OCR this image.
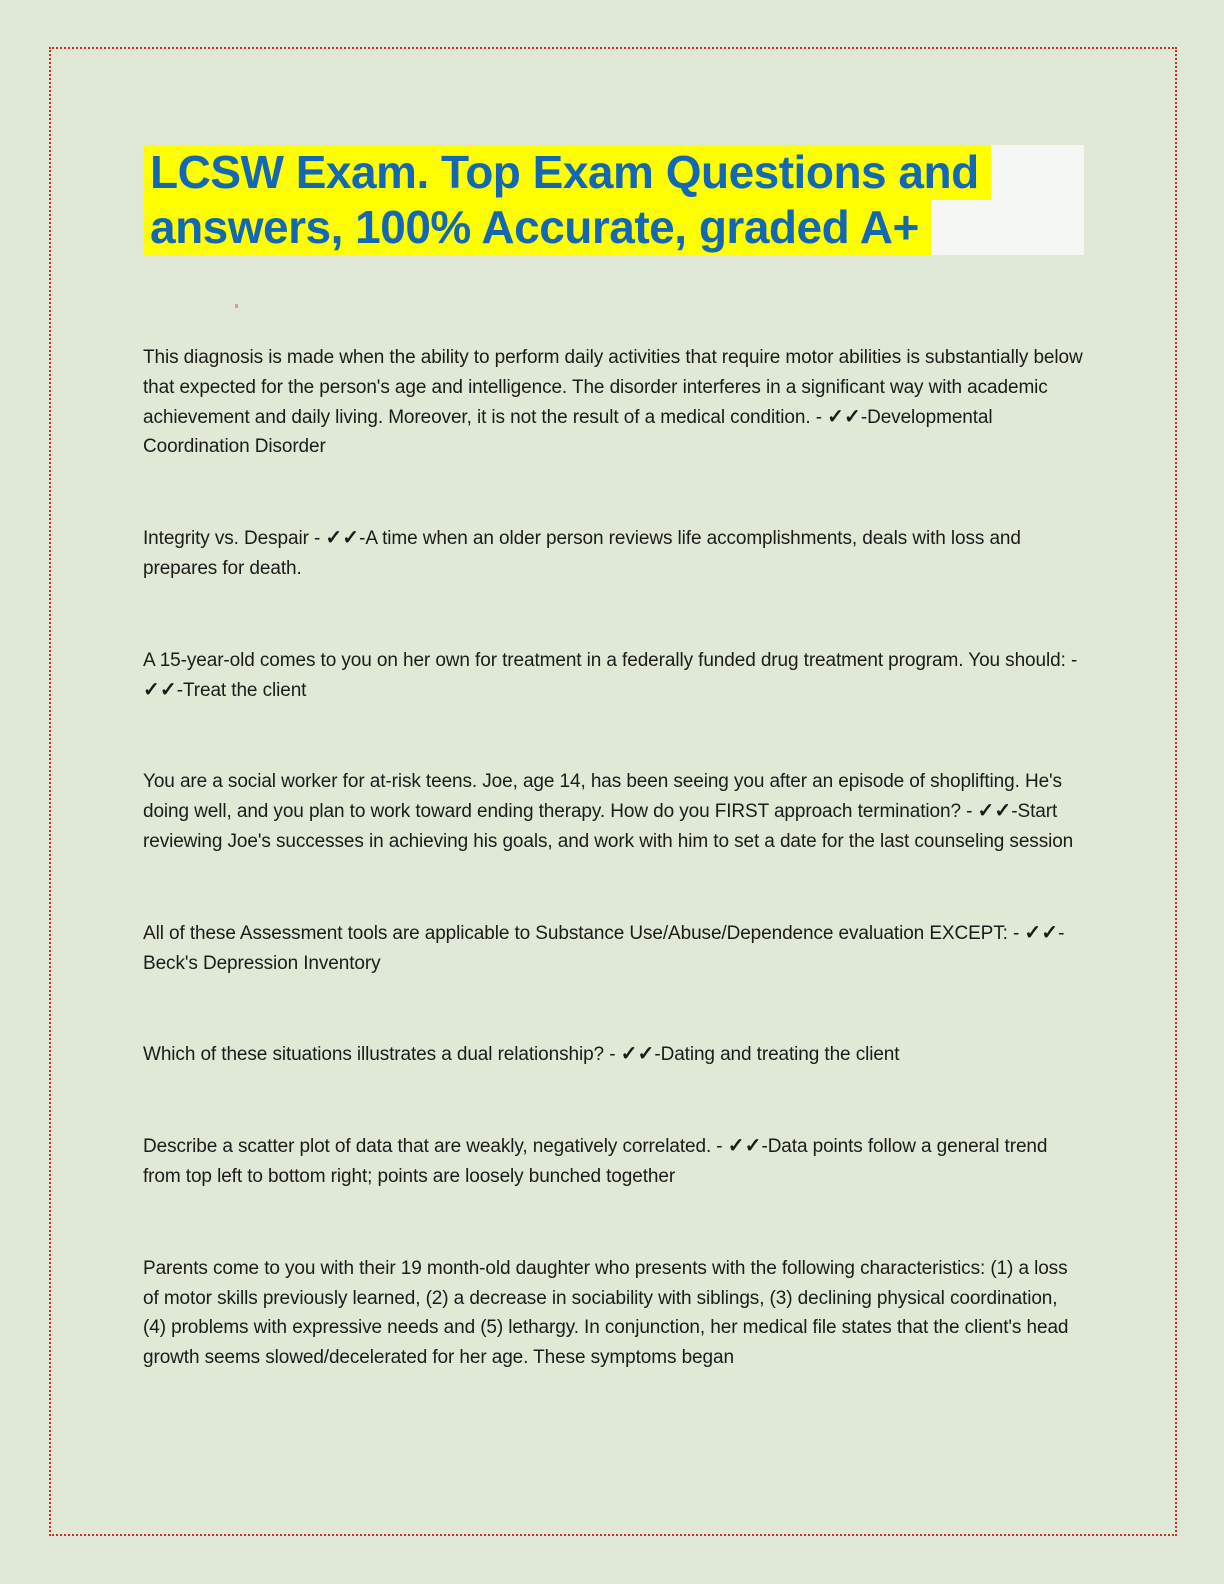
LCSW Exam. Top Exam Questions and
answers, 100% Accurate, graded A+

This diagnosis is made when the ability to perform daily activities that require motor abilities is substantially below that expected for the person's age and intelligence. The disorder interferes in a significant way with academic achievement and daily living. Moreover, it is not the result of a medical condition. - ✓✓-Developmental Coordination Disorder

Integrity vs. Despair - ✓✓-A time when an older person reviews life accomplishments, deals with loss and prepares for death.

A 15-year-old comes to you on her own for treatment in a federally funded drug treatment program. You should: - ✓✓-Treat the client

You are a social worker for at-risk teens. Joe, age 14, has been seeing you after an episode of shoplifting. He's doing well, and you plan to work toward ending therapy. How do you FIRST approach termination? - ✓✓-Start reviewing Joe's successes in achieving his goals, and work with him to set a date for the last counseling session

All of these Assessment tools are applicable to Substance Use/Abuse/Dependence evaluation EXCEPT: - ✓✓-Beck's Depression Inventory

Which of these situations illustrates a dual relationship? - ✓✓-Dating and treating the client

Describe a scatter plot of data that are weakly, negatively correlated. - ✓✓-Data points follow a general trend from top left to bottom right; points are loosely bunched together

Parents come to you with their 19 month-old daughter who presents with the following characteristics: (1) a loss of motor skills previously learned, (2) a decrease in sociability with siblings, (3) declining physical coordination, (4) problems with expressive needs and (5) lethargy. In conjunction, her medical file states that the client's head growth seems slowed/decelerated for her age. These symptoms began
